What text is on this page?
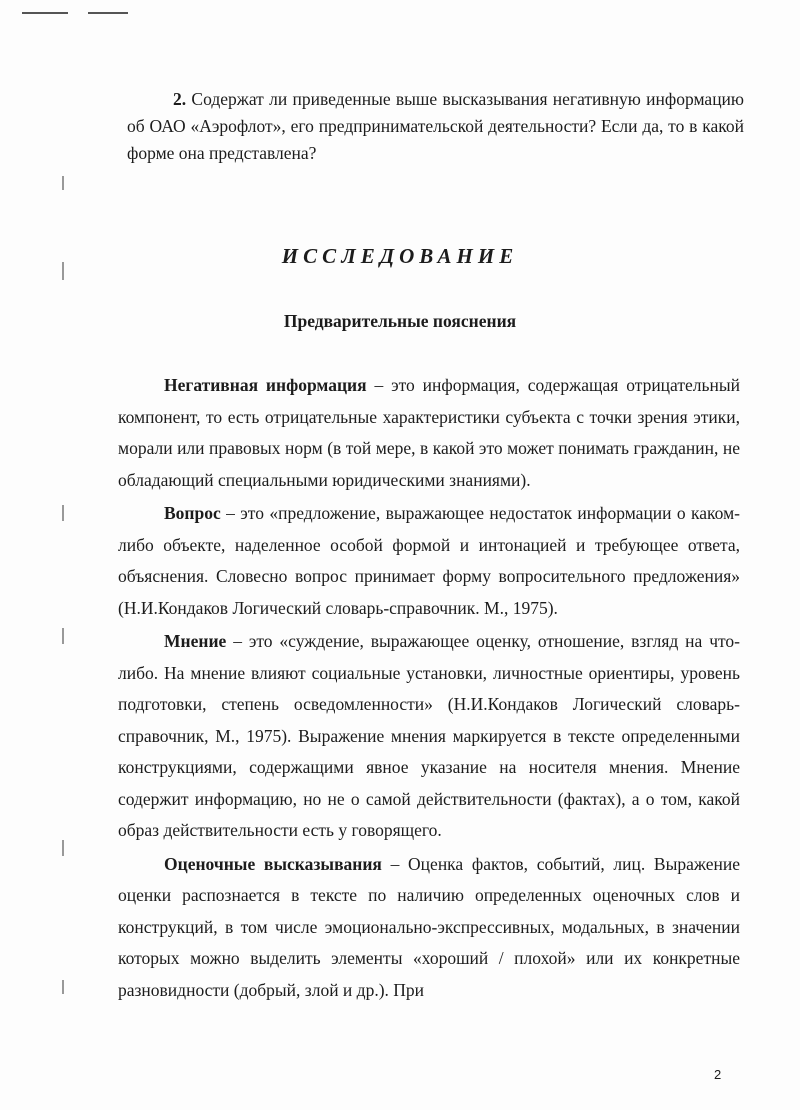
2. Содержат ли приведенные выше высказывания негативную информацию об ОАО «Аэрофлот», его предпринимательской деятельности? Если да, то в какой форме она представлена?
ИССЛЕДОВАНИЕ
Предварительные пояснения

Негативная информация – это информация, содержащая отрицательный компонент, то есть отрицательные характеристики субъекта с точки зрения этики, морали или правовых норм (в той мере, в какой это может понимать гражданин, не обладающий специальными юридическими знаниями).

Вопрос – это «предложение, выражающее недостаток информации о каком-либо объекте, наделенное особой формой и интонацией и требующее ответа, объяснения. Словесно вопрос принимает форму вопросительного предложения» (Н.И.Кондаков Логический словарь-справочник. М., 1975).

Мнение – это «суждение, выражающее оценку, отношение, взгляд на что-либо. На мнение влияют социальные установки, личностные ориентиры, уровень подготовки, степень осведомленности» (Н.И.Кондаков Логический словарь-справочник, М., 1975). Выражение мнения маркируется в тексте определенными конструкциями, содержащими явное указание на носителя мнения. Мнение содержит информацию, но не о самой действительности (фактах), а о том, какой образ действительности есть у говорящего.

Оценочные высказывания – Оценка фактов, событий, лиц. Выражение оценки распознается в тексте по наличию определенных оценочных слов и конструкций, в том числе эмоционально-экспрессивных, модальных, в значении которых можно выделить элементы «хороший / плохой» или их конкретные разновидности (добрый, злой и др.). При

2
